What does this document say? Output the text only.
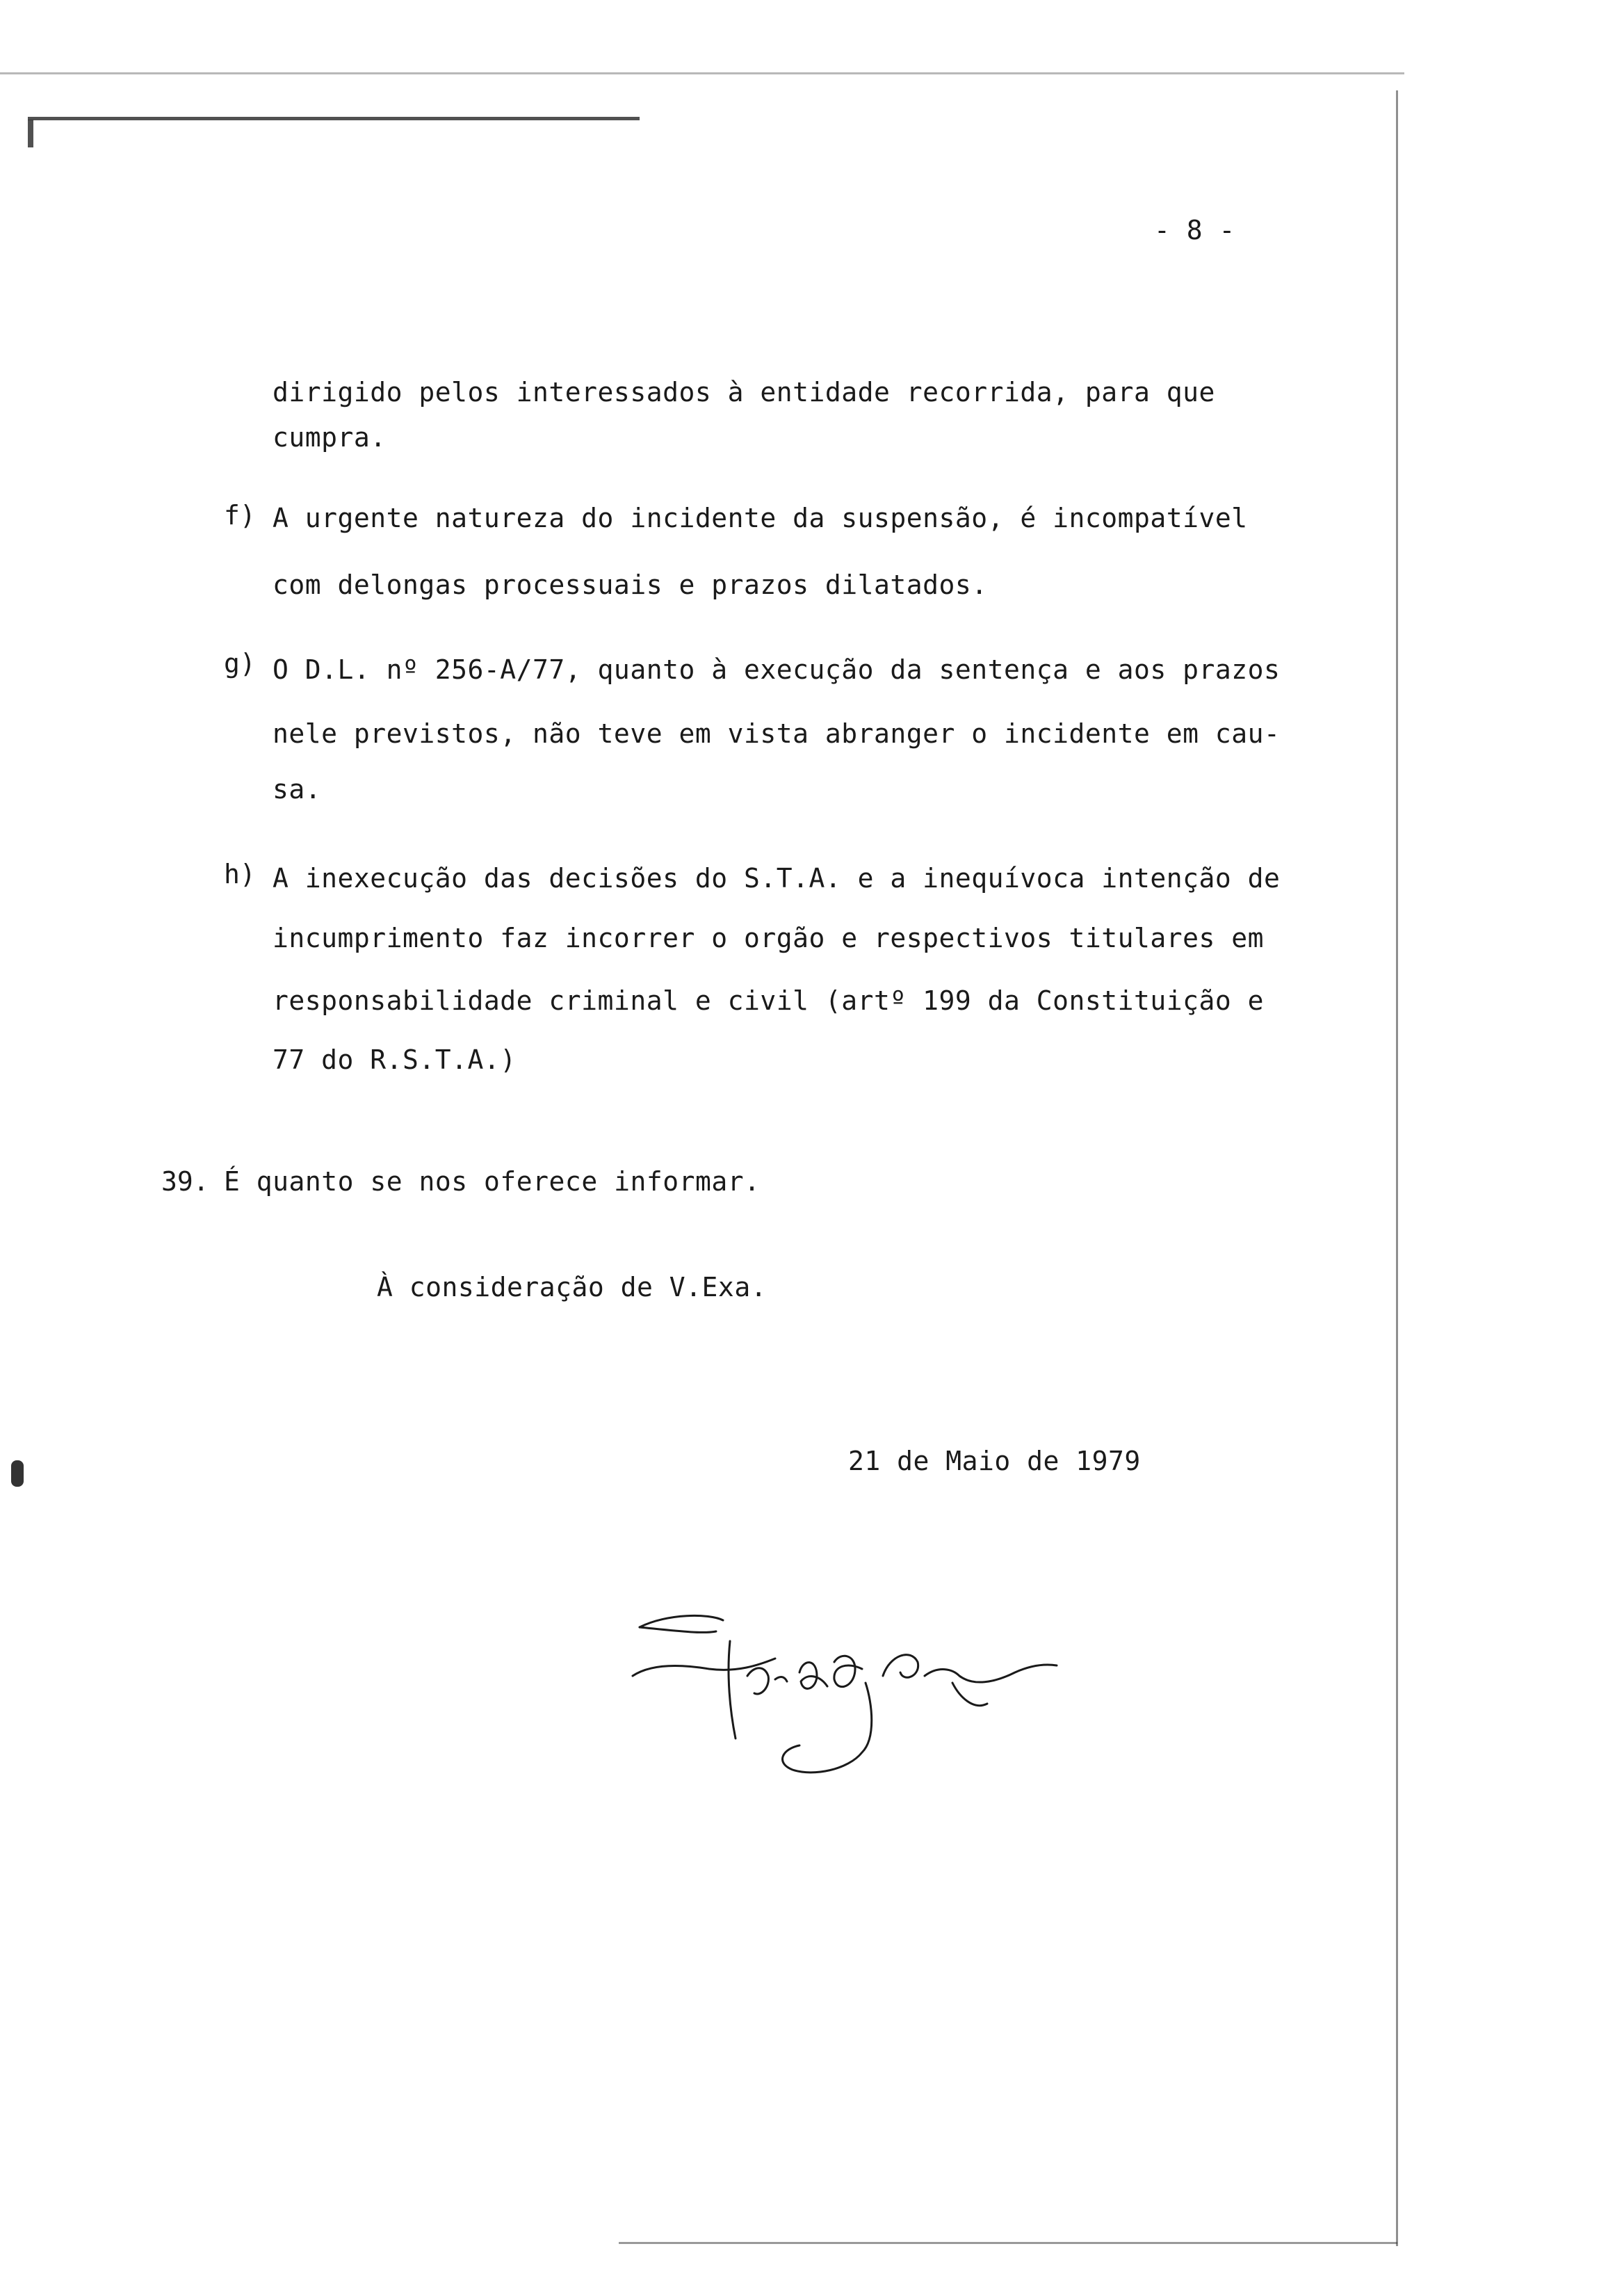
- 8 -
dirigido pelos interessados à entidade recorrida, para que
cumpra.
f) A urgente natureza do incidente da suspensão, é incompatível
com delongas processuais e prazos dilatados.
g) O D.L. nº 256-A/77, quanto à execução da sentença e aos prazos
nele previstos, não teve em vista abranger o incidente em cau-
sa.
h) A inexecução das decisões do S.T.A. e a inequívoca intenção de
incumprimento faz incorrer o orgão e respectivos titulares em
responsabilidade criminal e civil (artº 199 da Constituição e
77 do R.S.T.A.)
39. É quanto se nos oferece informar.
À consideração de V.Exa.
21 de Maio de 1979
